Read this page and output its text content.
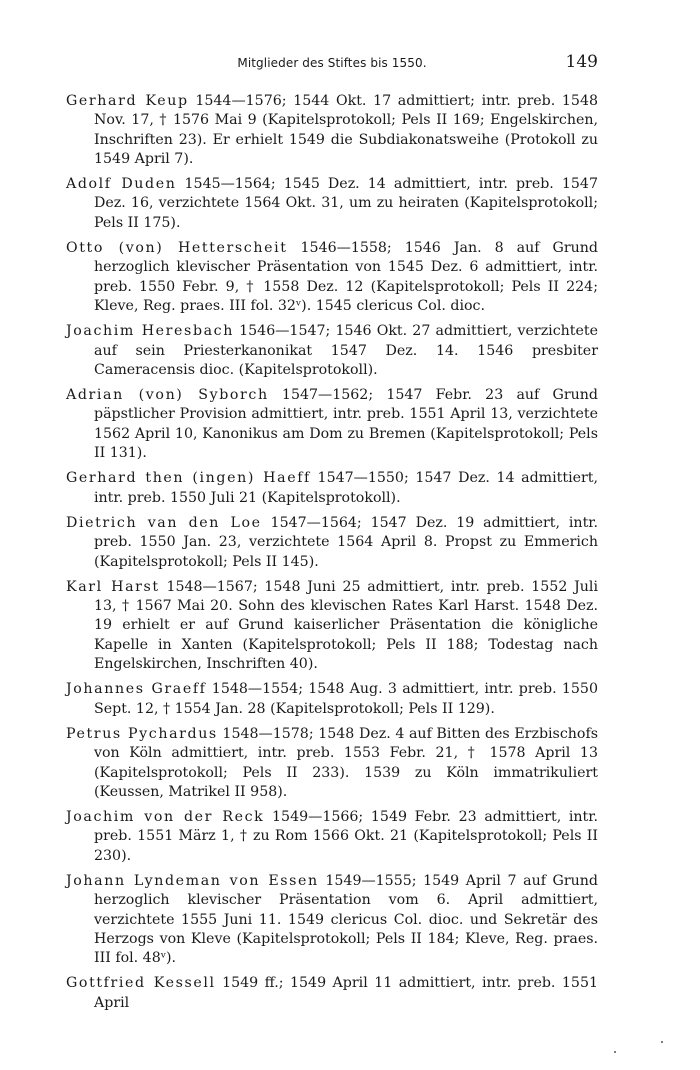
Mitglieder des Stiftes bis 1550.	149

Gerhard Keup 1544—1576; 1544 Okt. 17 admittiert; intr. preb. 1548 Nov. 17, † 1576 Mai 9 (Kapitelsprotokoll; Pels II 169; Engelskirchen, Inschriften 23). Er erhielt 1549 die Subdiakonatsweihe (Protokoll zu 1549 April 7).

Adolf Duden 1545—1564; 1545 Dez. 14 admittiert, intr. preb. 1547 Dez. 16, verzichtete 1564 Okt. 31, um zu heiraten (Kapitelsprotokoll; Pels II 175).

Otto (von) Hetterscheit 1546—1558; 1546 Jan. 8 auf Grund herzoglich klevischer Präsentation von 1545 Dez. 6 admittiert, intr. preb. 1550 Febr. 9, † 1558 Dez. 12 (Kapitelsprotokoll; Pels II 224; Kleve, Reg. praes. III fol. 32ᵛ). 1545 clericus Col. dioc.

Joachim Heresbach 1546—1547; 1546 Okt. 27 admittiert, verzichtete auf sein Priesterkanonikat 1547 Dez. 14. 1546 presbiter Cameracensis dioc. (Kapitelsprotokoll).

Adrian (von) Syborch 1547—1562; 1547 Febr. 23 auf Grund päpstlicher Provision admittiert, intr. preb. 1551 April 13, verzichtete 1562 April 10, Kanonikus am Dom zu Bremen (Kapitelsprotokoll; Pels II 131).

Gerhard then (ingen) Haeff 1547—1550; 1547 Dez. 14 admittiert, intr. preb. 1550 Juli 21 (Kapitelsprotokoll).

Dietrich van den Loe 1547—1564; 1547 Dez. 19 admittiert, intr. preb. 1550 Jan. 23, verzichtete 1564 April 8. Propst zu Emmerich (Kapitelsprotokoll; Pels II 145).

Karl Harst 1548—1567; 1548 Juni 25 admittiert, intr. preb. 1552 Juli 13, † 1567 Mai 20. Sohn des klevischen Rates Karl Harst. 1548 Dez. 19 erhielt er auf Grund kaiserlicher Präsentation die königliche Kapelle in Xanten (Kapitelsprotokoll; Pels II 188; Todestag nach Engelskirchen, Inschriften 40).

Johannes Graeff 1548—1554; 1548 Aug. 3 admittiert, intr. preb. 1550 Sept. 12, † 1554 Jan. 28 (Kapitelsprotokoll; Pels II 129).

Petrus Pychardus 1548—1578; 1548 Dez. 4 auf Bitten des Erzbischofs von Köln admittiert, intr. preb. 1553 Febr. 21, † 1578 April 13 (Kapitelsprotokoll; Pels II 233). 1539 zu Köln immatrikuliert (Keussen, Matrikel II 958).

Joachim von der Reck 1549—1566; 1549 Febr. 23 admittiert, intr. preb. 1551 März 1, † zu Rom 1566 Okt. 21 (Kapitelsprotokoll; Pels II 230).

Johann Lyndeman von Essen 1549—1555; 1549 April 7 auf Grund herzoglich klevischer Präsentation vom 6. April admittiert, verzichtete 1555 Juni 11. 1549 clericus Col. dioc. und Sekretär des Herzogs von Kleve (Kapitelsprotokoll; Pels II 184; Kleve, Reg. praes. III fol. 48ᵛ).

Gottfried Kessell 1549 ff.; 1549 April 11 admittiert, intr. preb. 1551 April
